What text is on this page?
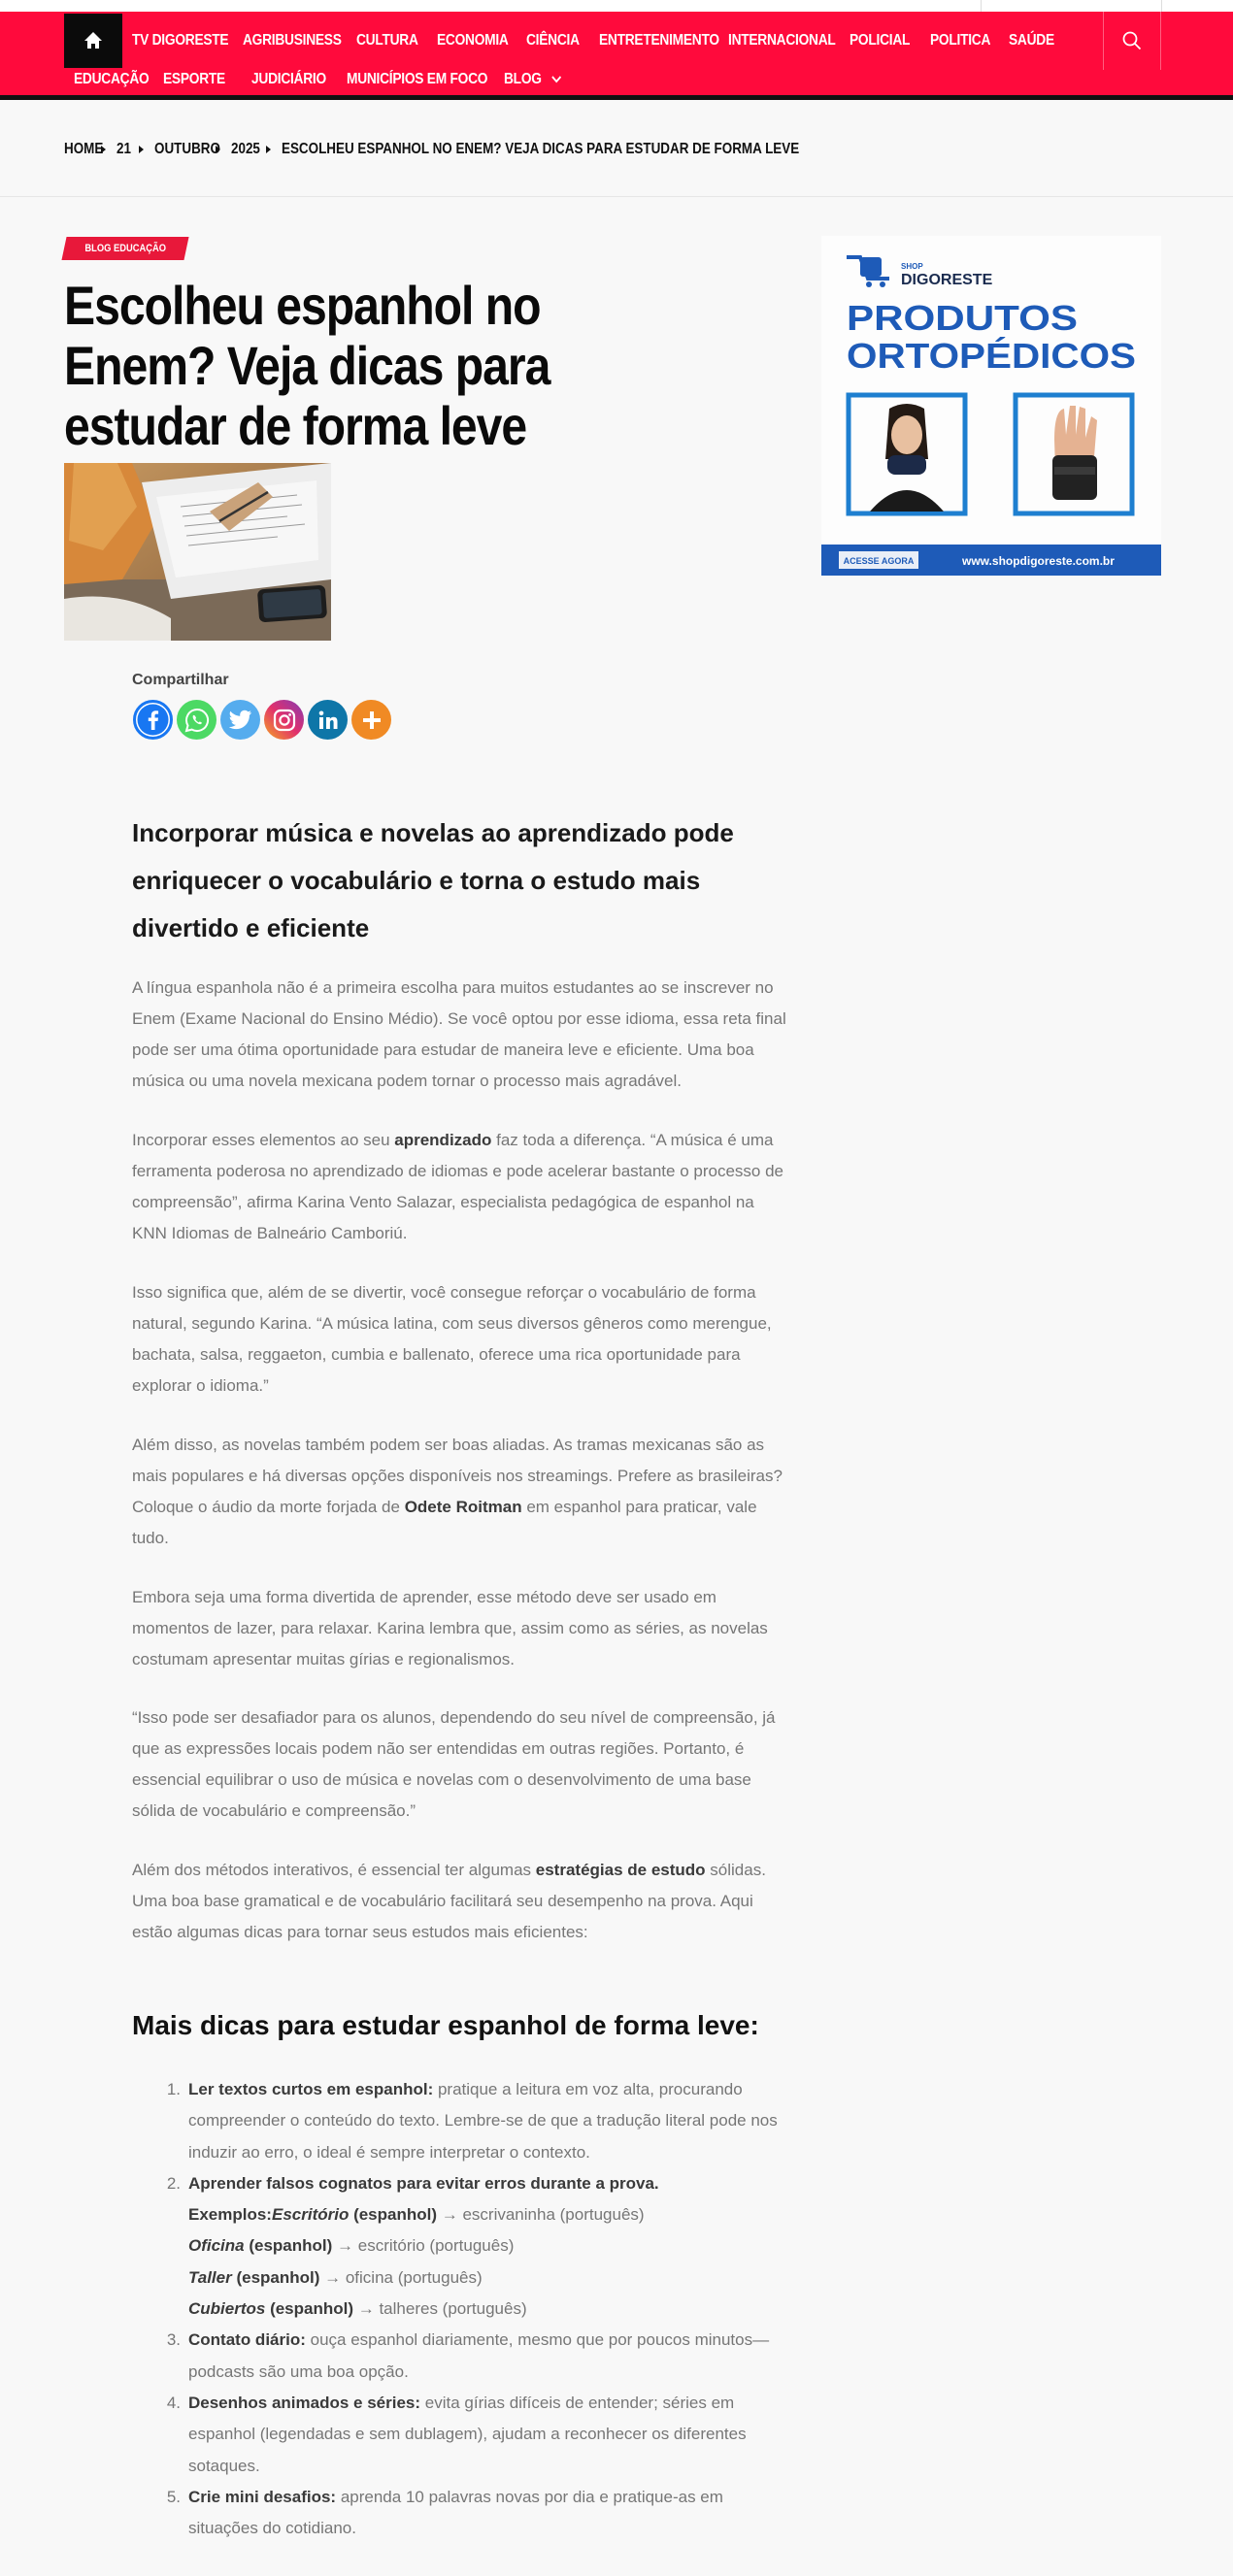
TV DIGORESTE AGRIBUSINESS CULTURA	ECONOMIA	CIÊNCIA	ENTRETENIMENTO INTERNACIONAL POLICIAL	POLITICA	SAÚDE
EDUCAÇÃO ESPORTE	JUDICIÁRIO	MUNICÍPIOS EM FOCO BLOG
HOME 21 OUTUBRO 2025 ESCOLHEU ESPANHOL NO ENEM? VEJA DICAS PARA ESTUDAR DE FORMA LEVE
BLOG EDUCAÇÃO
Escolheu espanhol no Enem? Veja dicas para estudar de forma leve
Compartilhar
Incorporar música e novelas ao aprendizado pode enriquecer o vocabulário e torna o estudo mais divertido e eficiente

A língua espanhola não é a primeira escolha para muitos estudantes ao se inscrever no Enem (Exame Nacional do Ensino Médio). Se você optou por esse idioma, essa reta final pode ser uma ótima oportunidade para estudar de maneira leve e eficiente. Uma boa música ou uma novela mexicana podem tornar o processo mais agradável.

Incorporar esses elementos ao seu aprendizado faz toda a diferença. “A música é uma ferramenta poderosa no aprendizado de idiomas e pode acelerar bastante o processo de compreensão”, afirma Karina Vento Salazar, especialista pedagógica de espanhol na KNN Idiomas de Balneário Camboriú.

Isso significa que, além de se divertir, você consegue reforçar o vocabulário de forma natural, segundo Karina. “A música latina, com seus diversos gêneros como merengue, bachata, salsa, reggaeton, cumbia e ballenato, oferece uma rica oportunidade para explorar o idioma.”

Além disso, as novelas também podem ser boas aliadas. As tramas mexicanas são as mais populares e há diversas opções disponíveis nos streamings. Prefere as brasileiras? Coloque o áudio da morte forjada de Odete Roitman em espanhol para praticar, vale tudo.

Embora seja uma forma divertida de aprender, esse método deve ser usado em momentos de lazer, para relaxar. Karina lembra que, assim como as séries, as novelas costumam apresentar muitas gírias e regionalismos.

“Isso pode ser desafiador para os alunos, dependendo do seu nível de compreensão, já que as expressões locais podem não ser entendidas em outras regiões. Portanto, é essencial equilibrar o uso de música e novelas com o desenvolvimento de uma base sólida de vocabulário e compreensão.”

Além dos métodos interativos, é essencial ter algumas estratégias de estudo sólidas. Uma boa base gramatical e de vocabulário facilitará seu desempenho na prova. Aqui estão algumas dicas para tornar seus estudos mais eficientes:

Mais dicas para estudar espanhol de forma leve:
1. Ler textos curtos em espanhol: pratique a leitura em voz alta, procurando compreender o conteúdo do texto. Lembre-se de que a tradução literal pode nos induzir ao erro, o ideal é sempre interpretar o contexto.
2. Aprender falsos cognatos para evitar erros durante a prova.
Exemplos:Escritório (espanhol) → escrivaninha (português)
Oficina (espanhol) → escritório (português)
Taller (espanhol) → oficina (português)
Cubiertos (espanhol) → talheres (português)
3. Contato diário: ouça espanhol diariamente, mesmo que por poucos minutos—podcasts são uma boa opção.
4. Desenhos animados e séries: evita gírias difíceis de entender; séries em espanhol (legendadas e sem dublagem), ajudam a reconhecer os diferentes sotaques.
5. Crie mini desafios: aprenda 10 palavras novas por dia e pratique-as em situações do cotidiano.
SHOP
DIGORESTE
PRODUTOS
ORTOPÉDICOS
ACESSE AGORA	www.shopdigoreste.com.br
